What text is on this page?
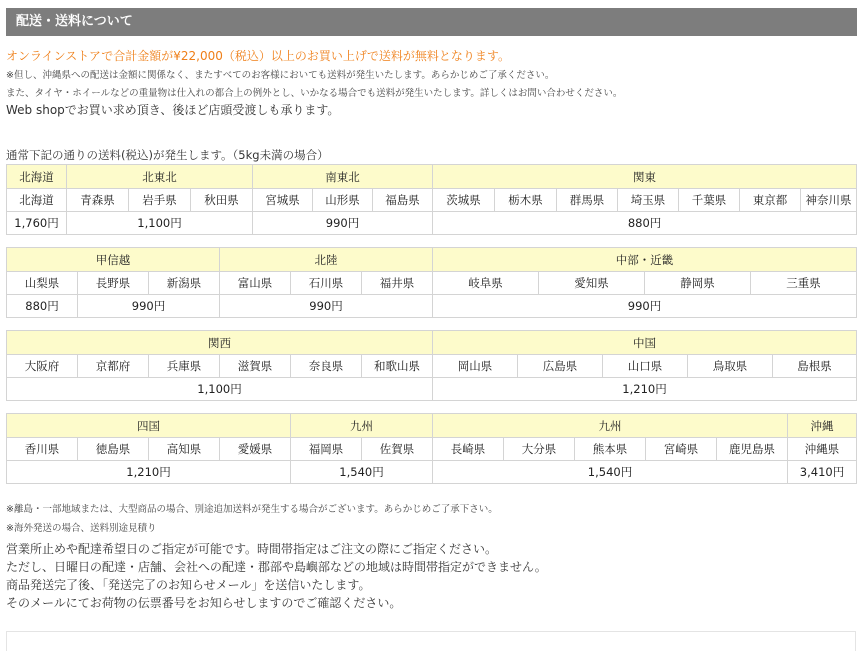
配送・送料について
オンラインストアで合計金額が¥22,000（税込）以上のお買い上げで送料が無料となります。
※但し、沖縄県への配送は金額に関係なく、またすべてのお客様においても送料が発生いたします。あらかじめご了承ください。
また、タイヤ・ホイールなどの重量物は仕入れの都合上の例外とし、いかなる場合でも送料が発生いたします。詳しくはお問い合わせください。
Web shopでお買い求め頂き、後ほど店頭受渡しも承ります。
通常下記の通りの送料(税込)が発生します。（5kg未満の場合）
北海道	北東北			南東北			関東						
北海道	青森県	岩手県	秋田県	宮城県	山形県	福島県	茨城県	栃木県	群馬県	埼玉県	千葉県	東京都	神奈川県
1,760円	1,100円			990円			880円						
甲信越			北陸			中部・近畿			
山梨県	長野県	新潟県	富山県	石川県	福井県	岐阜県	愛知県	静岡県	三重県
880円	990円		990円			990円			
関西						中国				
大阪府	京都府	兵庫県	滋賀県	奈良県	和歌山県	岡山県	広島県	山口県	鳥取県	島根県
1,100円						1,210円				
四国				九州		九州					沖縄
香川県	徳島県	高知県	愛媛県	福岡県	佐賀県	長崎県	大分県	熊本県	宮崎県	鹿児島県	沖縄県
1,210円				1,540円		1,540円					3,410円
※離島・一部地域または、大型商品の場合、別途追加送料が発生する場合がございます。あらかじめご了承下さい。
※海外発送の場合、送料別途見積り
営業所止めや配達希望日のご指定が可能です。時間帯指定はご注文の際にご指定ください。
ただし、日曜日の配達・店舗、会社への配達・郡部や島嶼部などの地域は時間帯指定ができません。
商品発送完了後、「発送完了のお知らせメール」を送信いたします。
そのメールにてお荷物の伝票番号をお知らせしますのでご確認ください。
